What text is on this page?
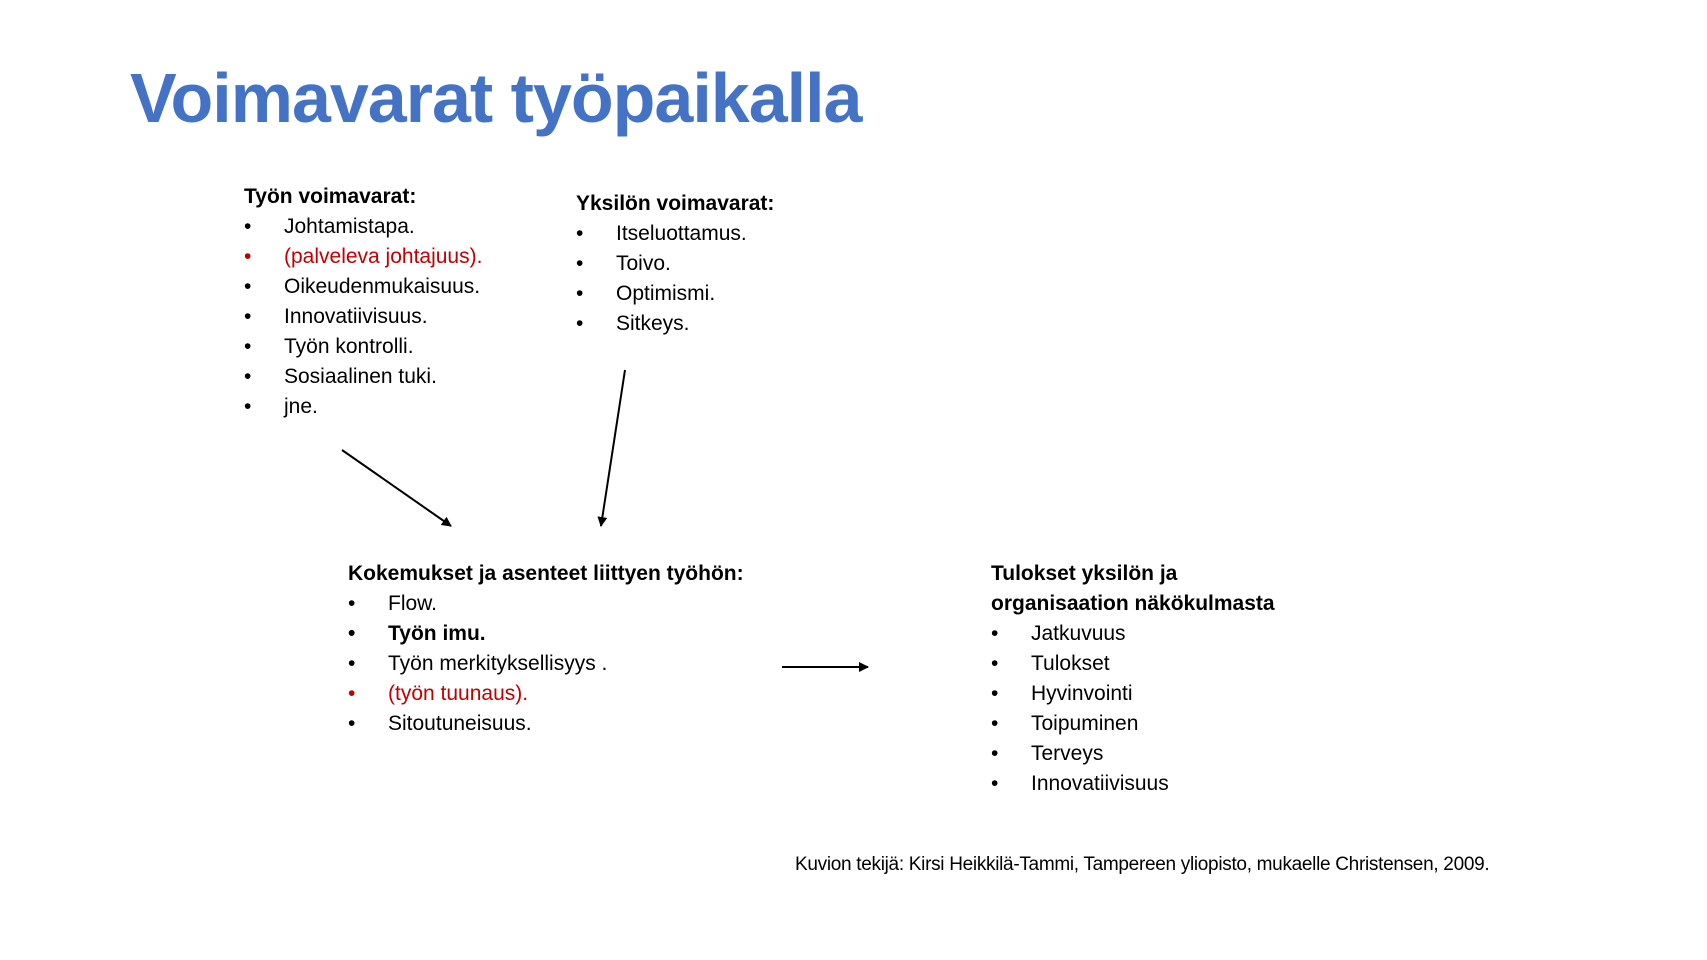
Voimavarat työpaikalla
Työn voimavarat:
• Johtamistapa.
• (palveleva johtajuus).
• Oikeudenmukaisuus.
• Innovatiivisuus.
• Työn kontrolli.
• Sosiaalinen tuki.
• jne.
Yksilön voimavarat:
• Itseluottamus.
• Toivo.
• Optimismi.
• Sitkeys.
Kokemukset ja asenteet liittyen työhön:
• Flow.
• Työn imu.
• Työn merkityksellisyys .
• (työn tuunaus).
• Sitoutuneisuus.
Tulokset yksilön ja
organisaation näkökulmasta
• Jatkuvuus
• Tulokset
• Hyvinvointi
• Toipuminen
• Terveys
• Innovatiivisuus
Kuvion tekijä: Kirsi Heikkilä-Tammi, Tampereen yliopisto, mukaelle Christensen, 2009.
